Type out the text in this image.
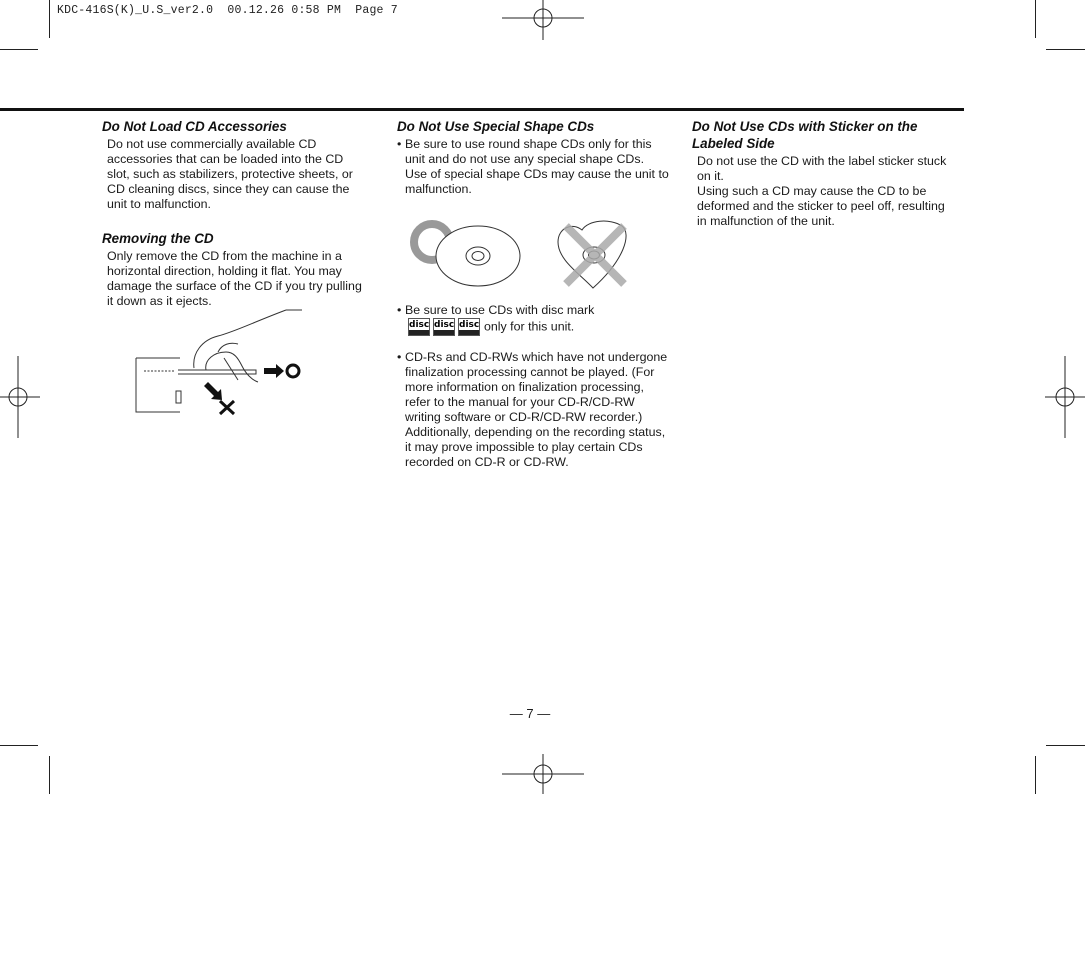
KDC-416S(K)_U.S_ver2.0  00.12.26 0:58 PM  Page 7
Do Not Load CD Accessories

Do not use commercially available CD accessories that can be loaded into the CD slot, such as stabilizers, protective sheets, or CD cleaning discs, since they can cause the unit to malfunction.

Removing the CD

Only remove the CD from the machine in a horizontal direction, holding it flat. You may damage the surface of the CD if you try pulling it down as it ejects.

Do Not Use Special Shape CDs
• Be sure to use round shape CDs only for this unit and do not use any special shape CDs. Use of special shape CDs may cause the unit to malfunction.
• Be sure to use CDs with disc mark

disc disc disc only for this unit.
• CD-Rs and CD-RWs which have not undergone finalization processing cannot be played. (For more information on finalization processing, refer to the manual for your CD-R/CD-RW writing software or CD-R/CD-RW recorder.) Additionally, depending on the recording status, it may prove impossible to play certain CDs recorded on CD-R or CD-RW.
Do Not Use CDs with Sticker on the Labeled Side

Do not use the CD with the label sticker stuck on it.

Using such a CD may cause the CD to be deformed and the sticker to peel off, resulting in malfunction of the unit.

— 7 —
